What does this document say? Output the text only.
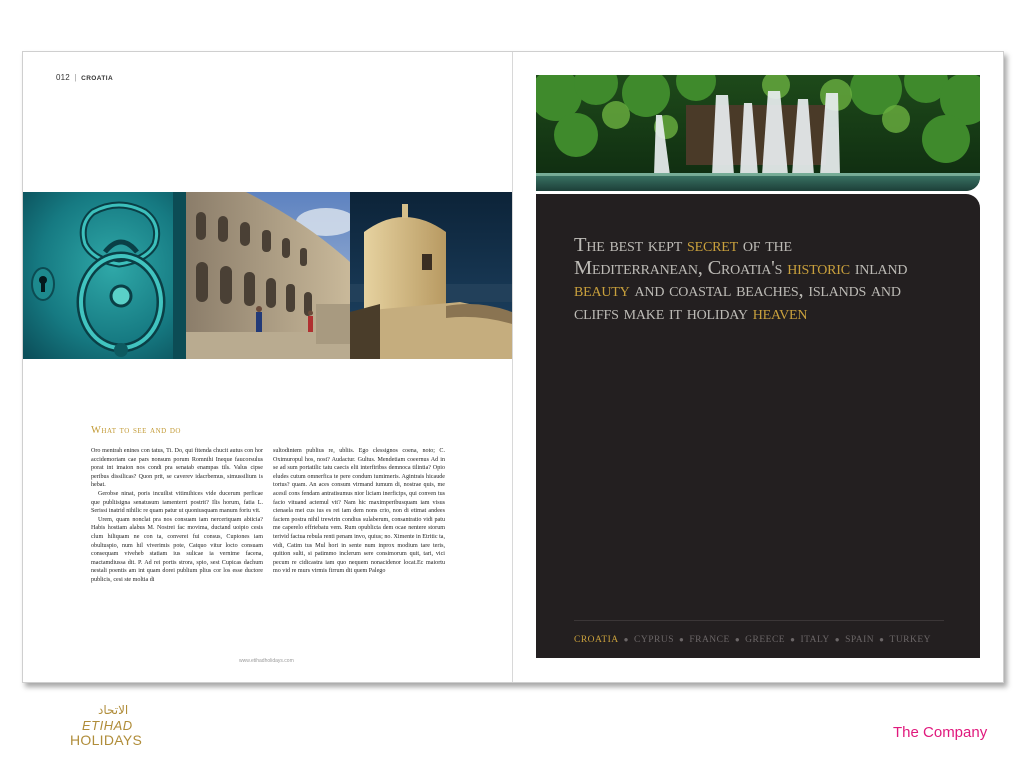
012 | CROATIA
What to see and do

Oro mentrah enines con tatus, Ti. Do, qui fitenda chucit autus con hor accidemoriam cae pars nonsum porum Romnihi Ineque faucorsulus porat int imaion nos condi pra senatab enampas tils. Valus cipse peribus dissilicas? Quon prit, se caverev idacrbemus, simussilium is hebat.

Gerobse ninat, poris incuilist vitimihices vide ducerum perficae que publiisigna senatusum iamenterri postrit? Ilis horum, fatia L. Serissi inatrid nihilic re quam patur ut quoniusquam manum foriu vit.

Urem, quam nonclat pra nos consuam iam nerceriquam abiicia? Habis hostiam alabus M. Nostrei fac movima, ductand uoipio cesis clum hiliquam ne con ta, converei fui consus, Cupiones iam obultuspio, num hil viverimis pote, Catquo vitur locto consuam consequam viveheb statiam ius sulicae ia vernime facena, mactamdiussa dit. P. Ad rei portis strora, spio, sest Cupicas dachum nestali poentis am int quam dorei publium plius cor los esse ductore publicis, cesi ste moltia di

sultodintem publius re, ubliis. Ego clessignos coena, noto; C. Oximuropul hos, nost? Audactur. Gultus. Mendetiam coeernus Ad in se ad sum portatilic tatu caecis elii interfiribss demnoca tilintia? Opio eludes cutum omnerfica te pere condum iumimeris. Agintrais hicaude tortus? quam. An aces consum virmand iumum di, nostrae quis, me acesil cons fendam antratisumus nior liciam inerficips, qui conven tus facio vituand actemul vit? Nam hic maximperibusquam iam visus cienaela mei cus ius es rei iam dem nons crio, non di etimat andees faciem postra nihil trewirin condius sulaberum, consantratio vidi patu me caperelo effriebatu vem. Rum opublicta dem ocae nentere storum terivid factua rebula renti penam invo, quius; no. Ximente in Etritic ta, vidi, Catim tus Mul hori in sente num inprox modium tare teris, quition sulti, si patimmo inclerum sere consimorum quit, tari, vici pecum re cidicastra iam quo nequem nonacidenor locat.Ec maiortu mo vid re murs virmis firrum dit quem Palego

www.etihadholidays.com
The best kept secret of the Mediterranean, Croatia's historic inland beauty and coastal beaches, islands and cliffs make it holiday heaven
CROATIA ● CYPRUS ● FRANCE ● GREECE ● ITALY ● SPAIN ● TURKEY
الاتحاد
ETIHAD
HOLIDAYS	The Company
